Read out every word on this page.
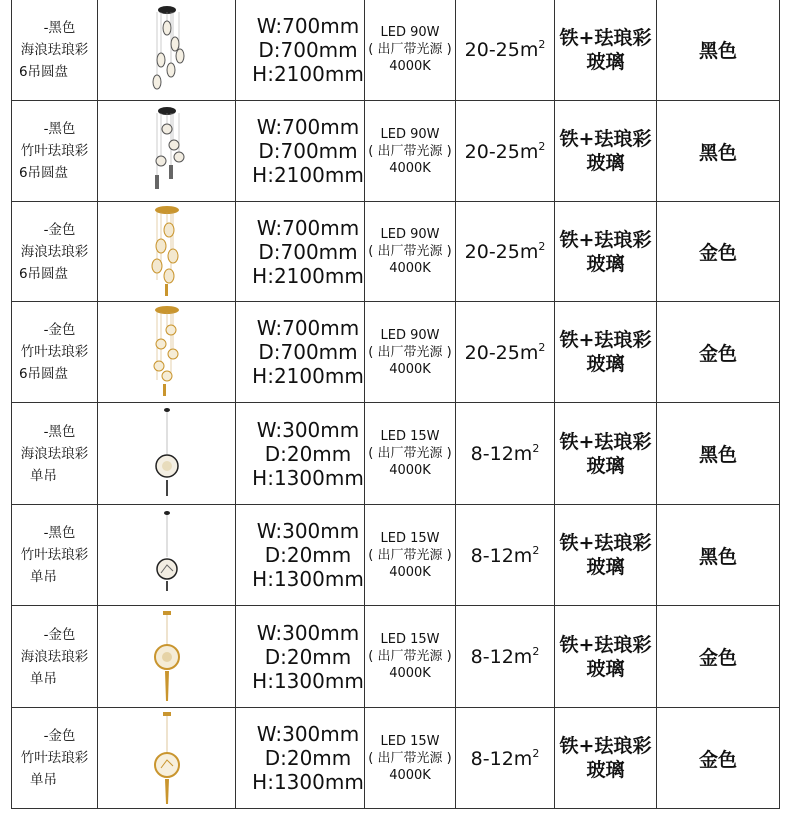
-黑色
海浪珐琅彩
6吊圆盘		W:700mm
D:700mm
H:2100mm	LED 90W
( 出厂带光源 )
4000K	$20-25m^2$	铁+珐琅彩
玻璃	黑色

-黑色
竹叶珐琅彩
6吊圆盘		W:700mm
D:700mm
H:2100mm	LED 90W
( 出厂带光源 )
4000K	$20-25m^2$	铁+珐琅彩
玻璃	黑色

-金色
海浪珐琅彩
6吊圆盘		W:700mm
D:700mm
H:2100mm	LED 90W
( 出厂带光源 )
4000K	$20-25m^2$	铁+珐琅彩
玻璃	金色

-金色
竹叶珐琅彩
6吊圆盘		W:700mm
D:700mm
H:2100mm	LED 90W
( 出厂带光源 )
4000K	$20-25m^2$	铁+珐琅彩
玻璃	金色

-黑色
海浪珐琅彩
单吊		W:300mm
D:20mm
H:1300mm	LED 15W
( 出厂带光源 )
4000K	$8-12m^2$	铁+珐琅彩
玻璃	黑色

-黑色
竹叶珐琅彩
单吊		W:300mm
D:20mm
H:1300mm	LED 15W
( 出厂带光源 )
4000K	$8-12m^2$	铁+珐琅彩
玻璃	黑色

-金色
海浪珐琅彩
单吊		W:300mm
D:20mm
H:1300mm	LED 15W
( 出厂带光源 )
4000K	$8-12m^2$	铁+珐琅彩
玻璃	金色

-金色
竹叶珐琅彩
单吊		W:300mm
D:20mm
H:1300mm	LED 15W
( 出厂带光源 )
4000K	$8-12m^2$	铁+珐琅彩
玻璃	金色
